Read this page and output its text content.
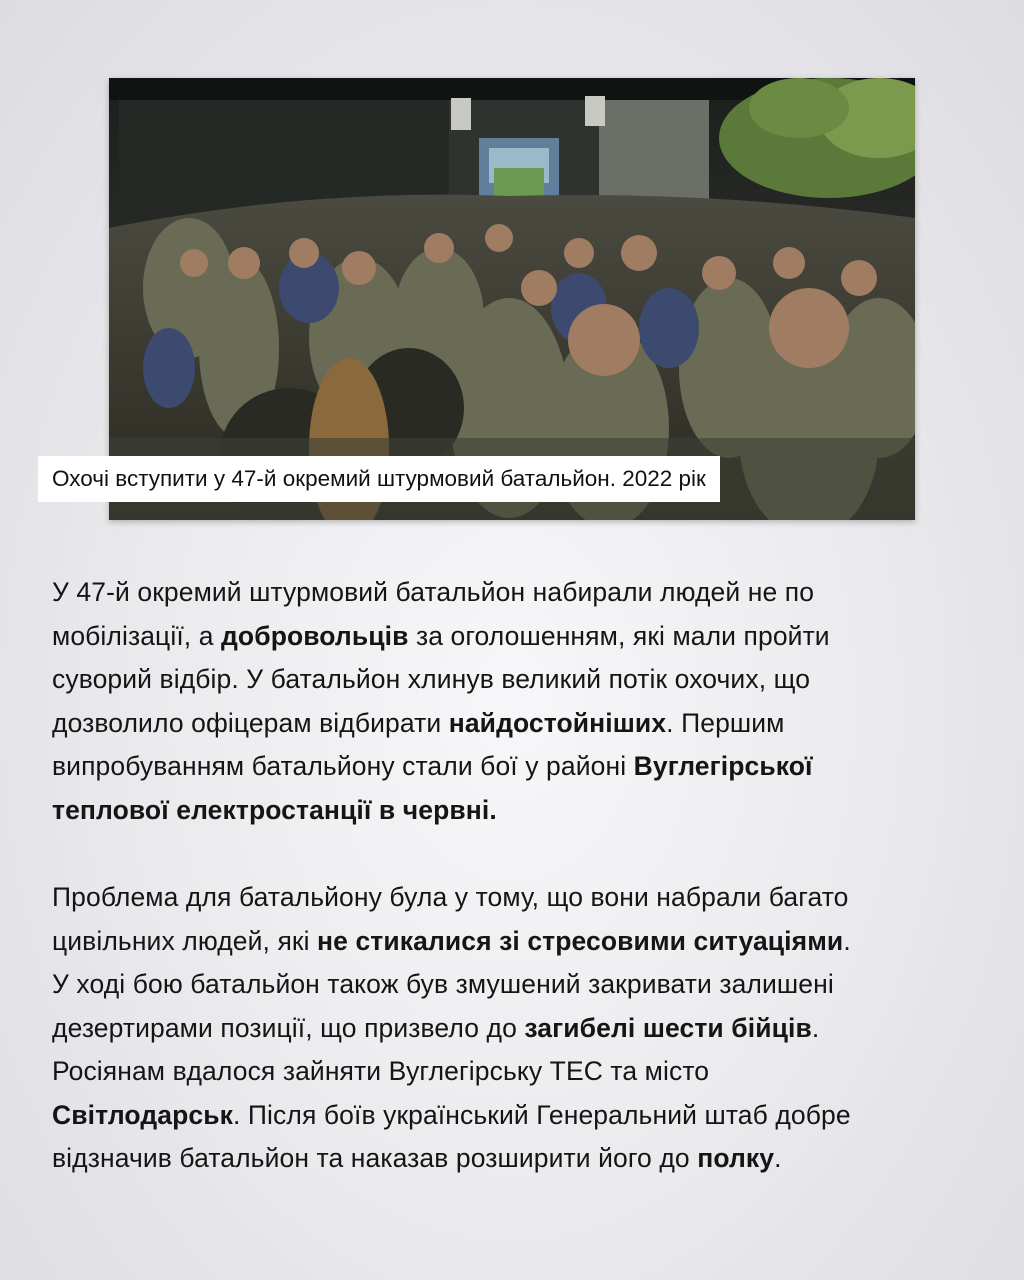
Охочі вступити у 47-й окремий штурмовий батальйон. 2022 рік
У 47-й окремий штурмовий батальйон набирали людей не по
мобілізації, а добровольців за оголошенням, які мали пройти
суворий відбір. У батальйон хлинув великий потік охочих, що
дозволило офіцерам відбирати найдостойніших. Першим
випробуванням батальйону стали бої у районі Вуглегірської
теплової електростанції в червні.
Проблема для батальйону була у тому, що вони набрали багато
цивільних людей, які не стикалися зі стресовими ситуаціями.
У ході бою батальйон також був змушений закривати залишені
дезертирами позиції, що призвело до загибелі шести бійців.
Росіянам вдалося зайняти Вуглегірську ТЕС та місто
Світлодарськ. Після боїв український Генеральний штаб добре
відзначив батальйон та наказав розширити його до полку.
